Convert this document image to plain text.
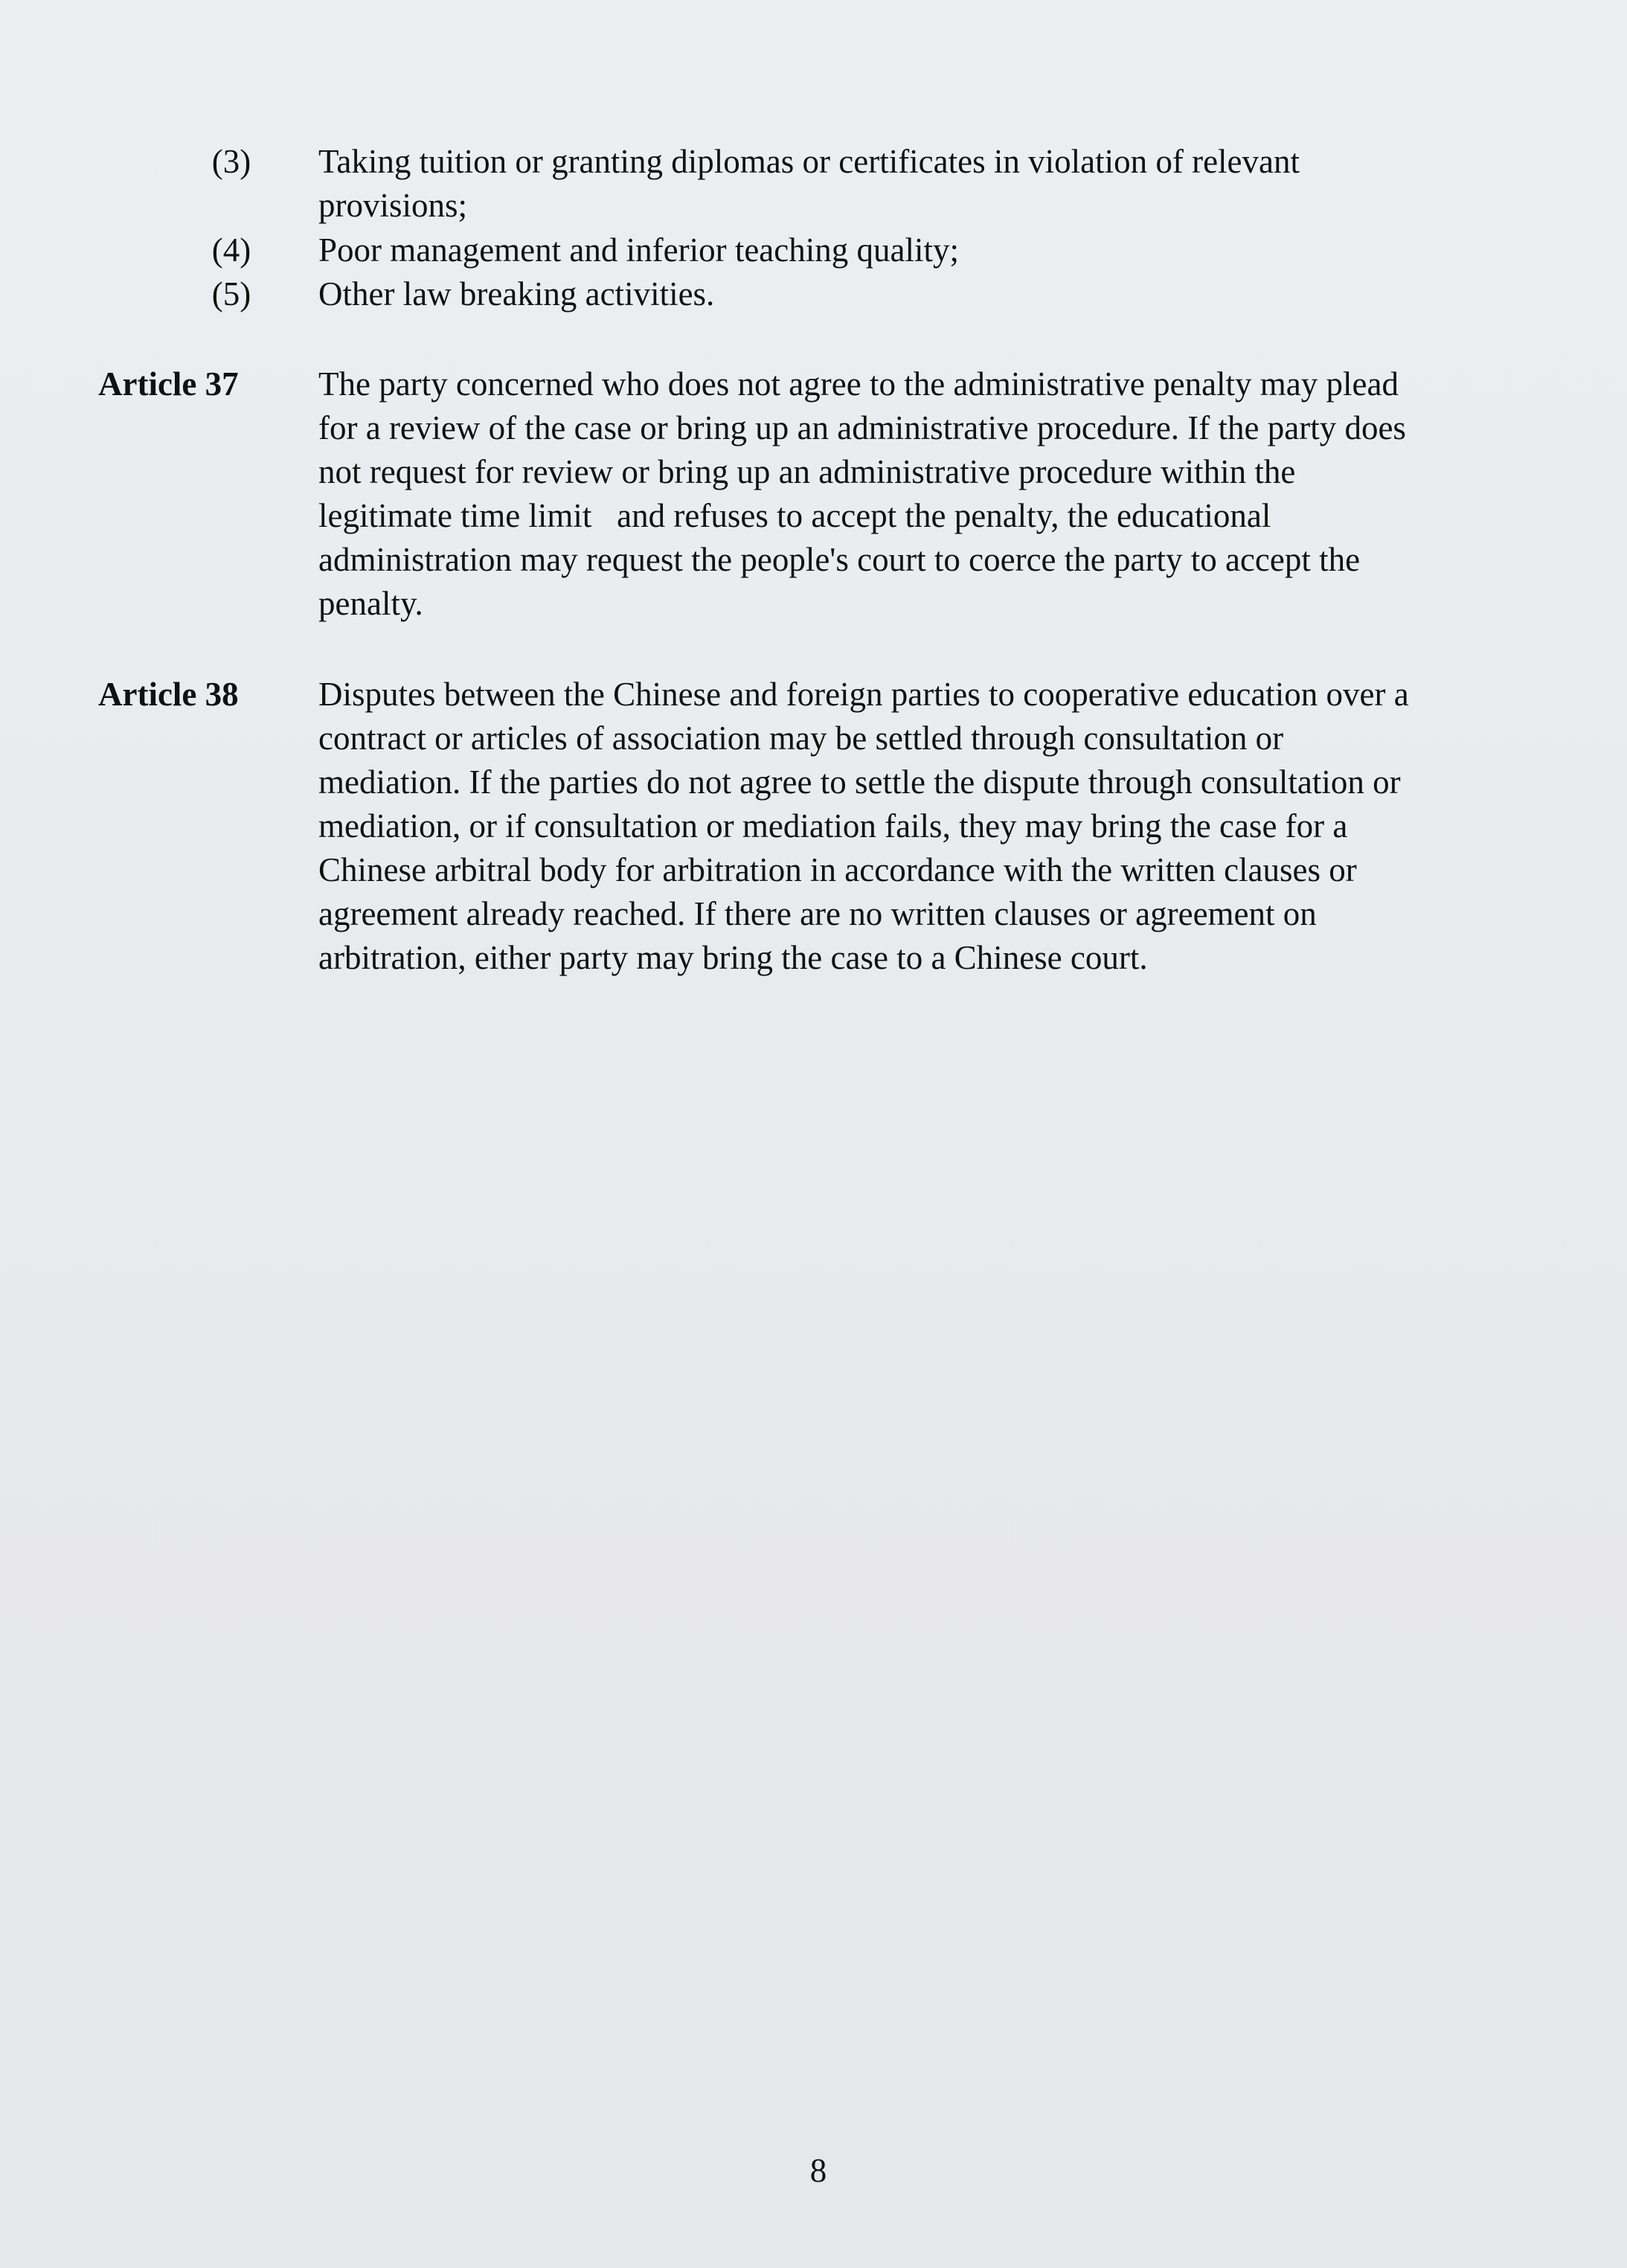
(3) Taking tuition or granting diplomas or certificates in violation of relevant
provisions;
(4) Poor management and inferior teaching quality;
(5) Other law breaking activities.
Article 37 The party concerned who does not agree to the administrative penalty may plead
for a review of the case or bring up an administrative procedure. If the party does
not request for review or bring up an administrative procedure within the
legitimate time limit   and refuses to accept the penalty, the educational
administration may request the people's court to coerce the party to accept the
penalty.
Article 38 Disputes between the Chinese and foreign parties to cooperative education over a
contract or articles of association may be settled through consultation or
mediation. If the parties do not agree to settle the dispute through consultation or
mediation, or if consultation or mediation fails, they may bring the case for a
Chinese arbitral body for arbitration in accordance with the written clauses or
agreement already reached. If there are no written clauses or agreement on
arbitration, either party may bring the case to a Chinese court.
8
